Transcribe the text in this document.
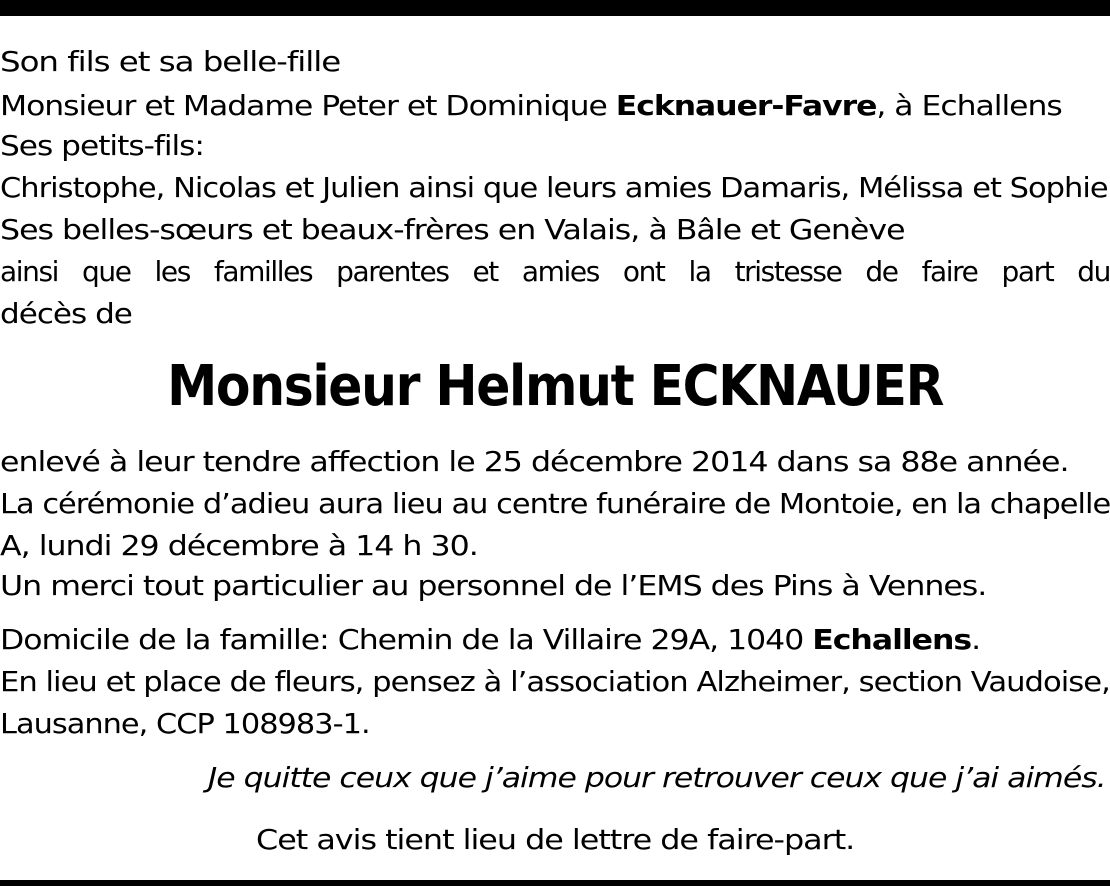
Son fils et sa belle-fille
Monsieur et Madame Peter et Dominique Ecknauer-Favre, à Echallens
Ses petits-fils:
Christophe, Nicolas et Julien ainsi que leurs amies Damaris, Mélissa et Sophie
Ses belles-sœurs et beaux-frères en Valais, à Bâle et Genève
ainsi que les familles parentes et amies ont la tristesse de faire part du
décès de
Monsieur Helmut ECKNAUER
enlevé à leur tendre affection le 25 décembre 2014 dans sa 88e année.
La cérémonie d’adieu aura lieu au centre funéraire de Montoie, en la chapelle
A, lundi 29 décembre à 14 h 30.
Un merci tout particulier au personnel de l’EMS des Pins à Vennes.
Domicile de la famille: Chemin de la Villaire 29A, 1040 Echallens.
En lieu et place de fleurs, pensez à l’association Alzheimer, section Vaudoise,
Lausanne, CCP 108983-1.
Je quitte ceux que j’aime pour retrouver ceux que j’ai aimés.
Cet avis tient lieu de lettre de faire-part.
